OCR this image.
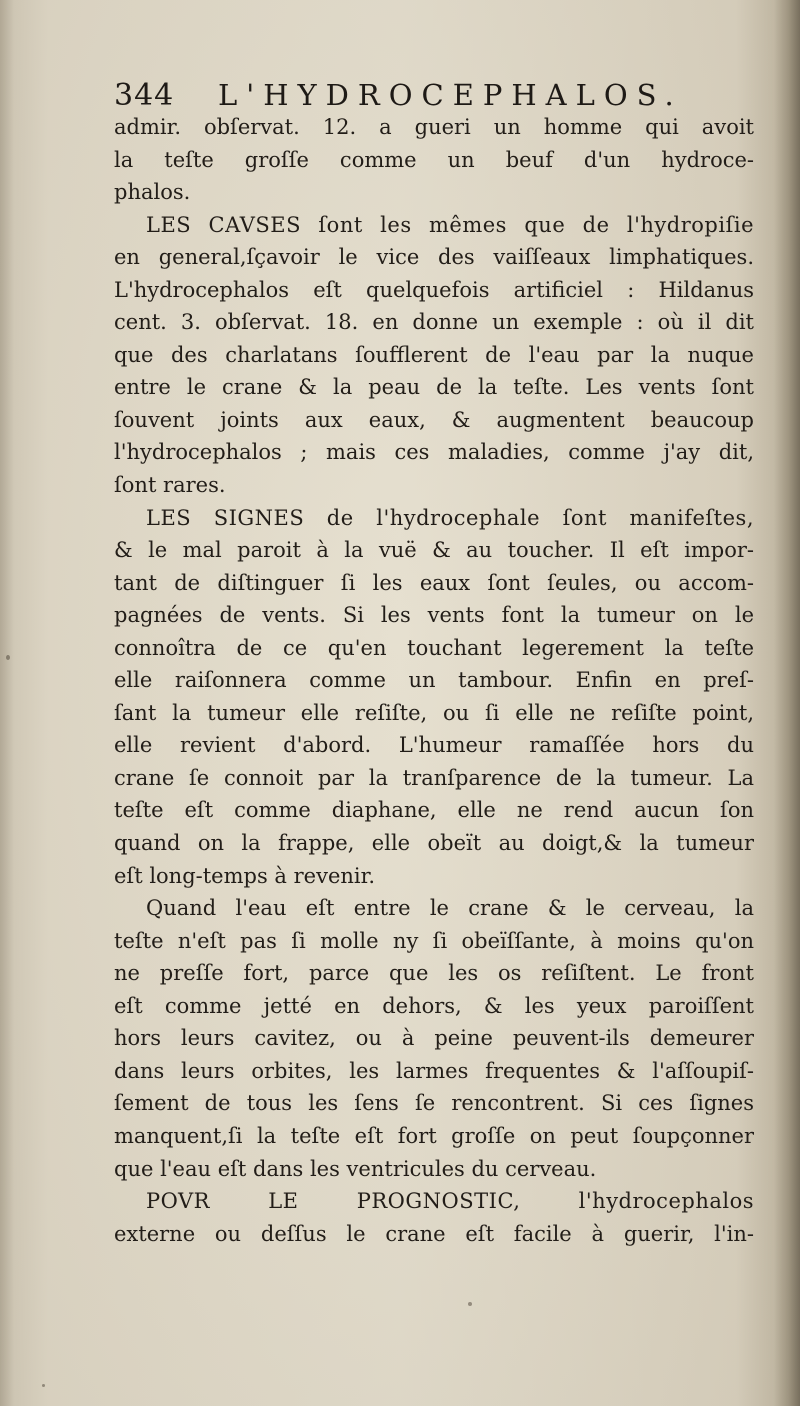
344 L'HYDROCEPHALOS.
admir. obſervat. 12. a gueri un homme qui avoit
la teſte groſſe comme un beuf d'un hydroce-
phalos.
LES CAVSES ſont les mêmes que de l'hydropiſie
en general,ſçavoir le vice des vaiſſeaux limphatiques.
L'hydrocephalos eſt quelquefois artificiel : Hildanus
cent. 3. obſervat. 18. en donne un exemple : où il dit
que des charlatans ſoufflerent de l'eau par la nuque
entre le crane & la peau de la teſte. Les vents ſont
ſouvent joints aux eaux, & augmentent beaucoup
l'hydrocephalos ; mais ces maladies, comme j'ay dit,
ſont rares.
LES SIGNES de l'hydrocephale ſont manifeſtes,
& le mal paroit à la vuë & au toucher. Il eſt impor-
tant de diſtinguer ſi les eaux ſont ſeules, ou accom-
pagnées de vents. Si les vents font la tumeur on le
connoîtra de ce qu'en touchant legerement la teſte
elle raiſonnera comme un tambour. Enfin en preſ-
ſant la tumeur elle reſiſte, ou ſi elle ne reſiſte point,
elle revient d'abord. L'humeur ramaſſée hors du
crane ſe connoit par la tranſparence de la tumeur. La
teſte eſt comme diaphane, elle ne rend aucun ſon
quand on la frappe, elle obeït au doigt,& la tumeur
eſt long-temps à revenir.
Quand l'eau eſt entre le crane & le cerveau, la
teſte n'eſt pas ſi molle ny ſi obeïſſante, à moins qu'on
ne preſſe fort, parce que les os reſiſtent. Le front
eſt comme jetté en dehors, & les yeux paroiſſent
hors leurs cavitez, ou à peine peuvent-ils demeurer
dans leurs orbites, les larmes frequentes & l'aſſoupiſ-
ſement de tous les ſens ſe rencontrent. Si ces ſignes
manquent,ſi la teſte eſt fort groſſe on peut ſoupçonner
que l'eau eſt dans les ventricules du cerveau.
POVR LE PROGNOSTIC, l'hydrocephalos
externe ou deſſus le crane eſt facile à guerir, l'in-
